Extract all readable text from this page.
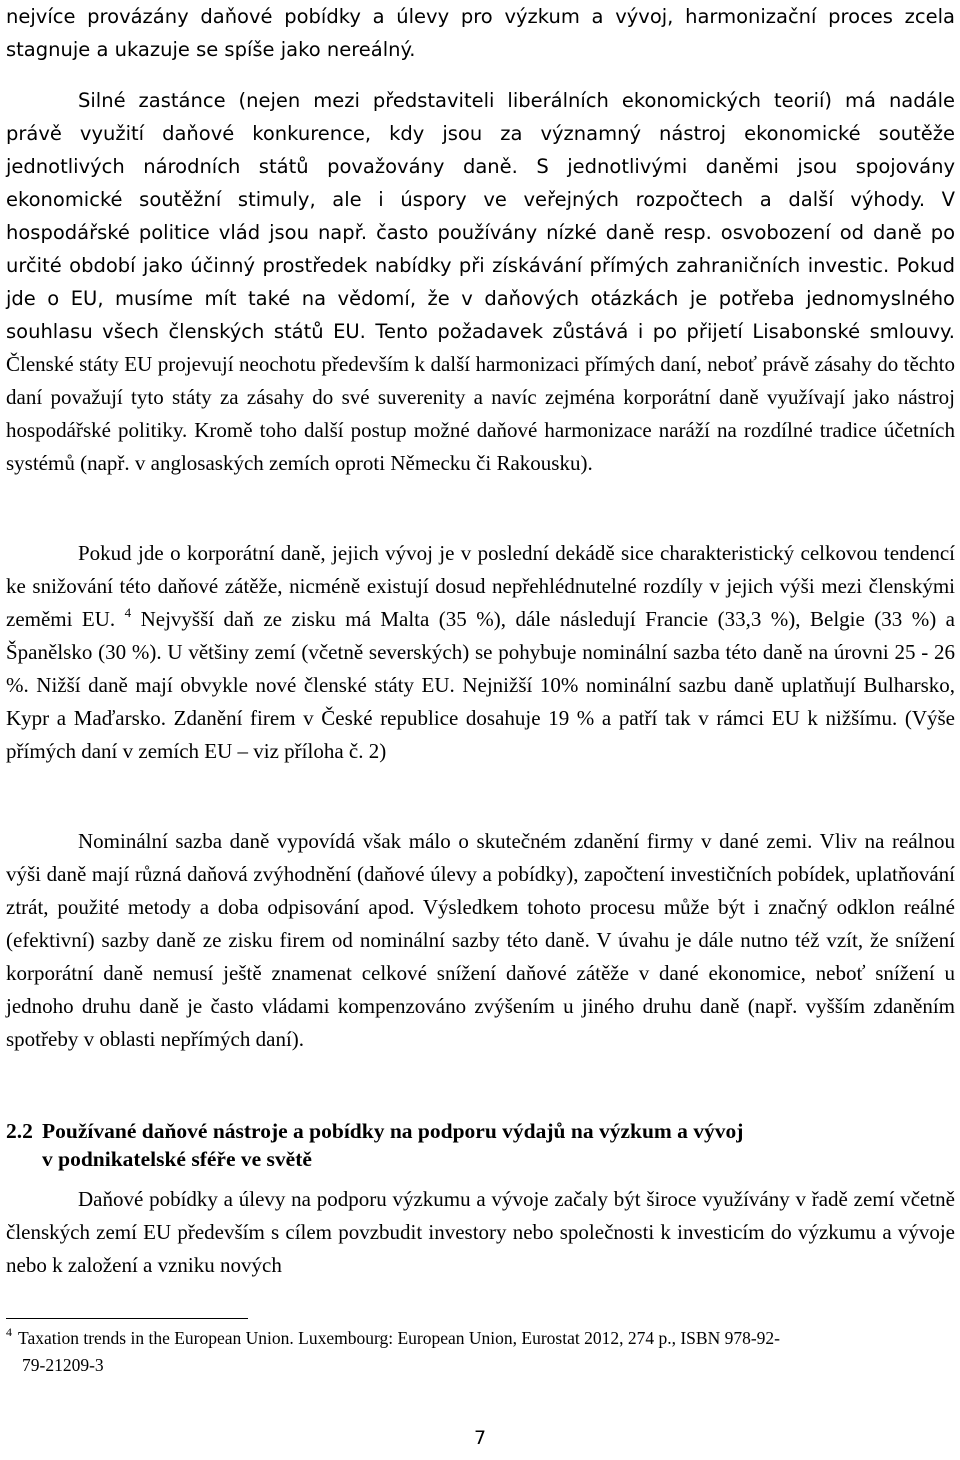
nejvíce provázány daňové pobídky a úlevy pro výzkum a vývoj, harmonizační proces zcela stagnuje a ukazuje se spíše jako nereálný.

Silné zastánce (nejen mezi představiteli liberálních ekonomických teorií) má nadále právě využití daňové konkurence, kdy jsou za významný nástroj ekonomické soutěže jednotlivých národních států považovány daně. S jednotlivými daněmi jsou spojovány ekonomické soutěžní stimuly, ale i úspory ve veřejných rozpočtech a další výhody. V hospodářské politice vlád jsou např. často používány nízké daně resp. osvobození od daně po určité období jako účinný prostředek nabídky při získávání přímých zahraničních investic. Pokud jde o EU, musíme mít také na vědomí, že v daňových otázkách je potřeba jednomyslného souhlasu všech členských států EU. Tento požadavek zůstává i po přijetí Lisabonské smlouvy. Členské státy EU projevují neochotu především k další harmonizaci přímých daní, neboť právě zásahy do těchto daní považují tyto státy za zásahy do své suverenity a navíc zejména korporátní daně využívají jako nástroj hospodářské politiky. Kromě toho další postup možné daňové harmonizace naráží na rozdílné tradice účetních systémů (např. v anglosaských zemích oproti Německu či Rakousku).

Pokud jde o korporátní daně, jejich vývoj je v poslední dekádě sice charakteristický celkovou tendencí ke snižování této daňové zátěže, nicméně existují dosud nepřehlédnutelné rozdíly v jejich výši mezi členskými zeměmi EU. $^4$ Nejvyšší daň ze zisku má Malta (35 %), dále následují Francie (33,3 %), Belgie (33 %) a Španělsko (30 %). U většiny zemí (včetně severských) se pohybuje nominální sazba této daně na úrovni 25 - 26 %. Nižší daně mají obvykle nové členské státy EU. Nejnižší 10% nominální sazbu daně uplatňují Bulharsko, Kypr a Maďarsko. Zdanění firem v České republice dosahuje 19 % a patří tak v rámci EU k nižšímu. (Výše přímých daní v zemích EU – viz příloha č. 2)

Nominální sazba daně vypovídá však málo o skutečném zdanění firmy v dané zemi. Vliv na reálnou výši daně mají různá daňová zvýhodnění (daňové úlevy a pobídky), započtení investičních pobídek, uplatňování ztrát, použité metody a doba odpisování apod. Výsledkem tohoto procesu může být i značný odklon reálné (efektivní) sazby daně ze zisku firem od nominální sazby této daně. V úvahu je dále nutno též vzít, že snížení korporátní daně nemusí ještě znamenat celkové snížení daňové zátěže v dané ekonomice, neboť snížení u jednoho druhu daně je často vládami kompenzováno zvýšením u jiného druhu daně (např. vyšším zdaněním spotřeby v oblasti nepřímých daní).

2.2 Používané daňové nástroje a pobídky na podporu výdajů na výzkum a vývoj
v podnikatelské sféře ve světě

Daňové pobídky a úlevy na podporu výzkumu a vývoje začaly být široce využívány v řadě zemí včetně členských zemí EU především s cílem povzbudit investory nebo společnosti k investicím do výzkumu a vývoje nebo k založení a vzniku nových

$^4$ Taxation trends in the European Union. Luxembourg: European Union, Eurostat 2012, 274 p., ISBN 978-92-
79-21209-3

7
